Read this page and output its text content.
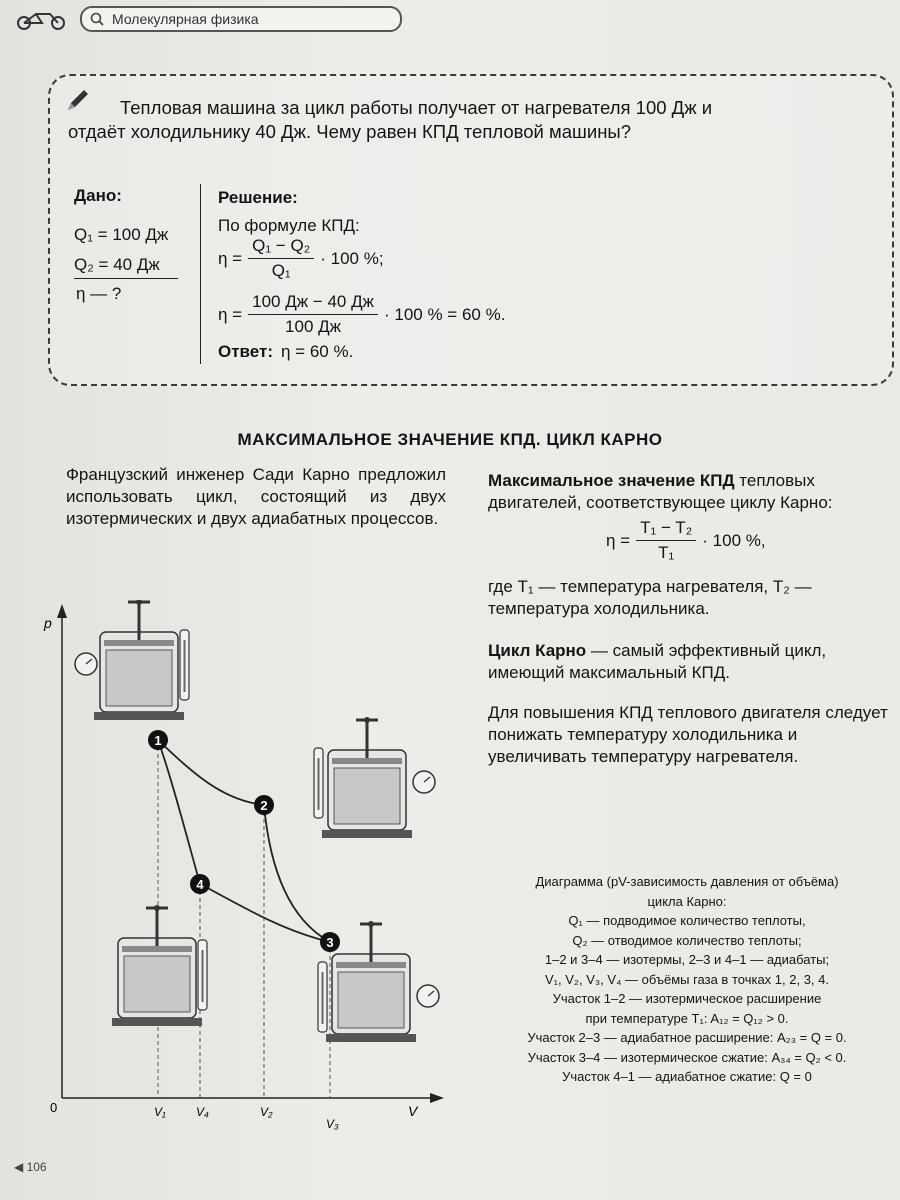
Молекулярная физика
Тепловая машина за цикл работы получает от нагревателя 100 Дж и отдаёт холодильнику 40 Дж. Чему равен КПД тепловой машины?
Дано:
Q₁ = 100 Дж
Q₂ = 40 Дж
η — ?
Решение:
По формуле КПД:
$\eta = \frac{\text{Q₁ − Q₂}}{\text{Q₁}} \cdot 100$ %;
$\eta = \frac{100 Дж - 40 Дж}{100 Дж} \cdot 100$ % = 60 %.
Ответ: η = 60 %.
МАКСИМАЛЬНОЕ ЗНАЧЕНИЕ КПД. ЦИКЛ КАРНО
Французский инженер Сади Карно предложил использовать цикл, состоящий из двух изотермических и двух адиабатных процессов.
Максимальное значение КПД тепловых двигателей, соответствующее циклу Карно:
$\eta = \frac{\text{T₁ − T₂}}{\text{T₁}} \cdot 100$ %,
где T₁ — температура нагревателя, T₂ — температура холодильника.
Цикл Карно — самый эффективный цикл, имеющий максимальный КПД.
Для повышения КПД теплового двигателя следует понижать температуру холодильника и увеличивать температуру нагревателя.
p
V
0
1
2
3
4
V₁	V₄	V₂
V₃
Диаграмма (pV-зависимость давления от объёма)
цикла Карно:
Q₁ — подводимое количество теплоты,
Q₂ — отводимое количество теплоты;
1–2 и 3–4 — изотермы, 2–3 и 4–1 — адиабаты;
V₁, V₂, V₃, V₄ — объёмы газа в точках 1, 2, 3, 4.
Участок 1–2 — изотермическое расширение
при температуре T₁: A₁₂ = Q₁₂ > 0.
Участок 2–3 — адиабатное расширение: A₂₃ = Q = 0.
Участок 3–4 — изотермическое сжатие: A₃₄ = Q₂ < 0.
Участок 4–1 — адиабатное сжатие: Q = 0
◀ 106
